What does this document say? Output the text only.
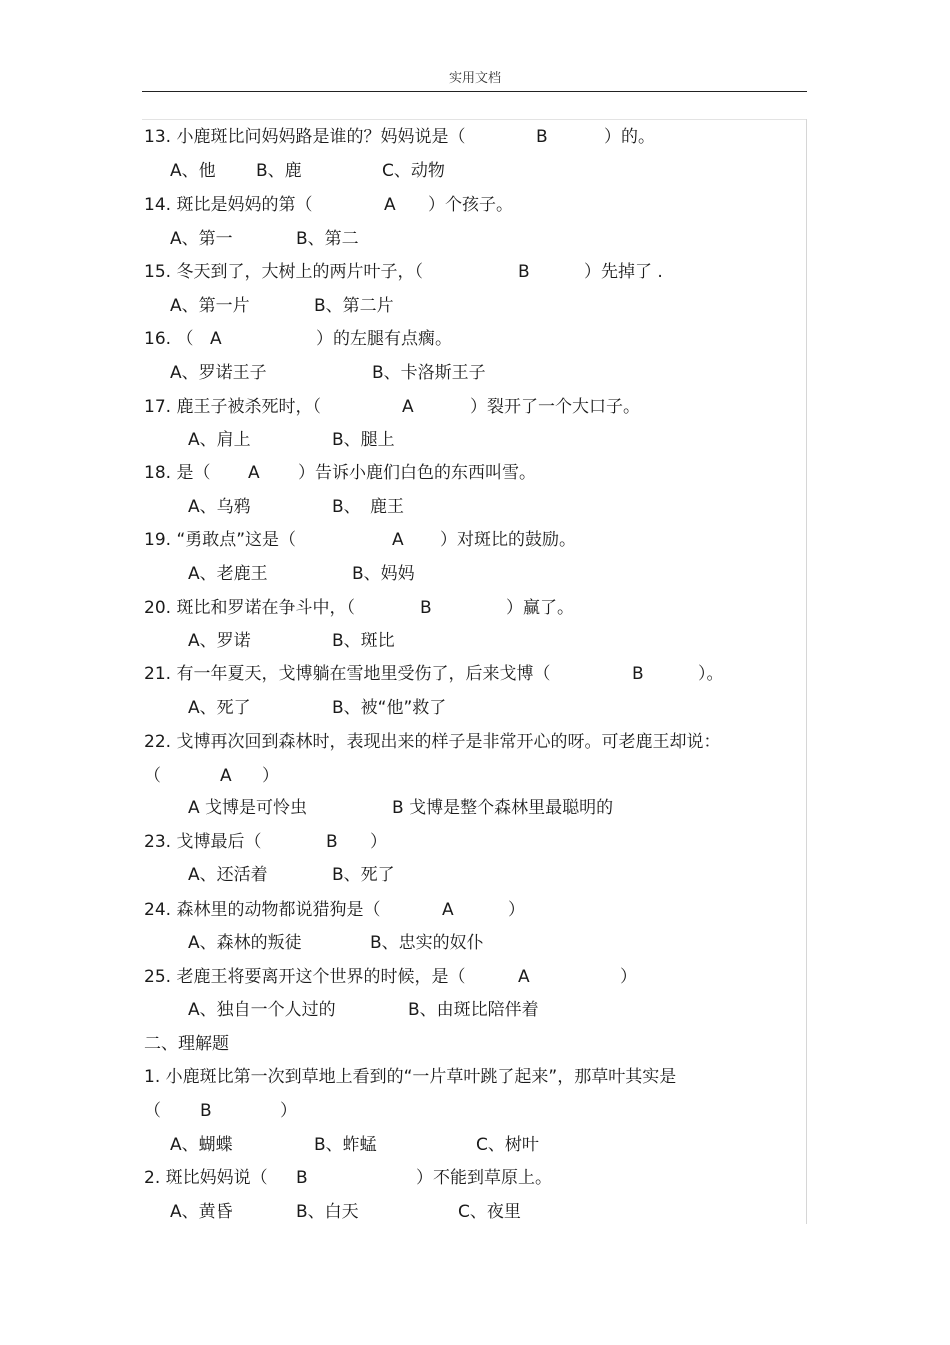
实用文档
13. 小鹿斑比问妈妈路是谁的？妈妈说是（	B	）的。
A、他 B、鹿	C、动物
14. 斑比是妈妈的第（	A ）个孩子。
A、第一	B、第二
15. 冬天到了，大树上的两片叶子，（	B	）先掉了 .
A、第一片	B、第二片
16. （ A	）的左腿有点瘸。
A、罗诺王子	B、卡洛斯王子
17. 鹿王子被杀死时，（	A	）裂开了一个大口子。
A、肩上	B、腿上
18. 是（ A ）告诉小鹿们白色的东西叫雪。
A、乌鸦	B、 鹿王
19. “勇敢点”这是（	A ）对斑比的鼓励。
A、老鹿王	B、妈妈
20. 斑比和罗诺在争斗中，（	B	）赢了。
A、罗诺	B、斑比
21. 有一年夏天，戈博躺在雪地里受伤了，后来戈博（	B	）。
A、死了	B、被“他”救了
22. 戈博再次回到森林时，表现出来的样子是非常开心的呀。可老鹿王却说：
（	A ）
A 戈博是可怜虫	B 戈博是整个森林里最聪明的
23. 戈博最后（	B ）
A、还活着	B、死了
24. 森林里的动物都说猎狗是（	A	）
A、森林的叛徒	B、忠实的奴仆
25. 老鹿王将要离开这个世界的时候，是（	A	）
A、独自一个人过的	B、由斑比陪伴着
二、理解题
1. 小鹿斑比第一次到草地上看到的“一片草叶跳了起来”，那草叶其实是
（ B	）
A、蝴蝶	B、蚱蜢	C、树叶
2. 斑比妈妈说（ B	）不能到草原上。
A、黄昏	B、白天	C、夜里
